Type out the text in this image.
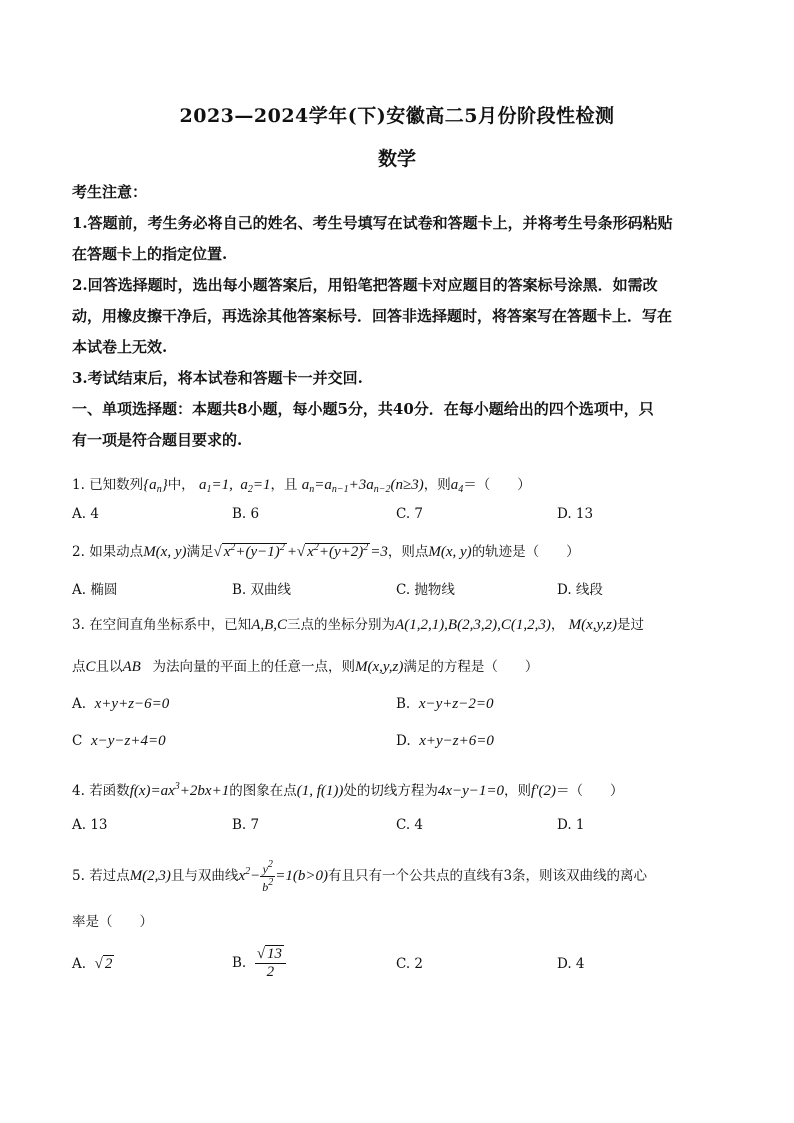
2023—2024学年(下)安徽高二5月份阶段性检测
数学
考生注意：
1.答题前，考生务必将自己的姓名、考生号填写在试卷和答题卡上，并将考生号条形码粘贴
在答题卡上的指定位置.
2.回答选择题时，选出每小题答案后，用铅笔把答题卡对应题目的答案标号涂黑．如需改
动，用橡皮擦干净后，再选涂其他答案标号．回答非选择题时，将答案写在答题卡上．写在
本试卷上无效.
3.考试结束后，将本试卷和答题卡一并交回.
一、单项选择题：本题共8小题，每小题5分，共40分．在每小题给出的四个选项中，只
有一项是符合题目要求的.
1. 已知数列$\{a_n\}$中， $a_1=1$,  $a_2=1$，且 $a_n=a_{n-1}+3a_{n-2}(n\ge 3)$，则$a_4=$（　　）
A. 4	B. 6	C. 7	D. 13
2. 如果动点M(x, y)满足√ $x^2+(y-1)^2$ +√ $x^2+(y+2)^2 =3$，则点M(x, y)的轨迹是（　　）
A. 椭圆	B. 双曲线	C. 抛物线	D. 线段
3. 在空间直角坐标系中，已知A,B,C三点的坐标分别为A(1,2,1),B(2,3,2),C(1,2,3)， M(x,y,z)是过
点C且以AB⃗为法向量的平面上的任意一点，则M(x,y,z)满足的方程是（　　）
A. x+y+z−6=0	B. x−y+z−2=0
C x−y−z+4=0	D. x+y−z+6=0
4. 若函数$f(x)=ax^3+2bx+1$的图象在点(1, f(1))处的切线方程为4x−y−1=0，则f′(2)＝（　　）
A. 13	B. 7	C. 4	D. 1
5. 若过点M(2,3)且与双曲线$x^2- \frac{y^2}{b^2} =1(b>0)$有且只有一个公共点的直线有3条，则该双曲线的离心
率是（　　）
A. √ 2	B. $\frac{√ 13}{2}$	C. 2	D. 4
